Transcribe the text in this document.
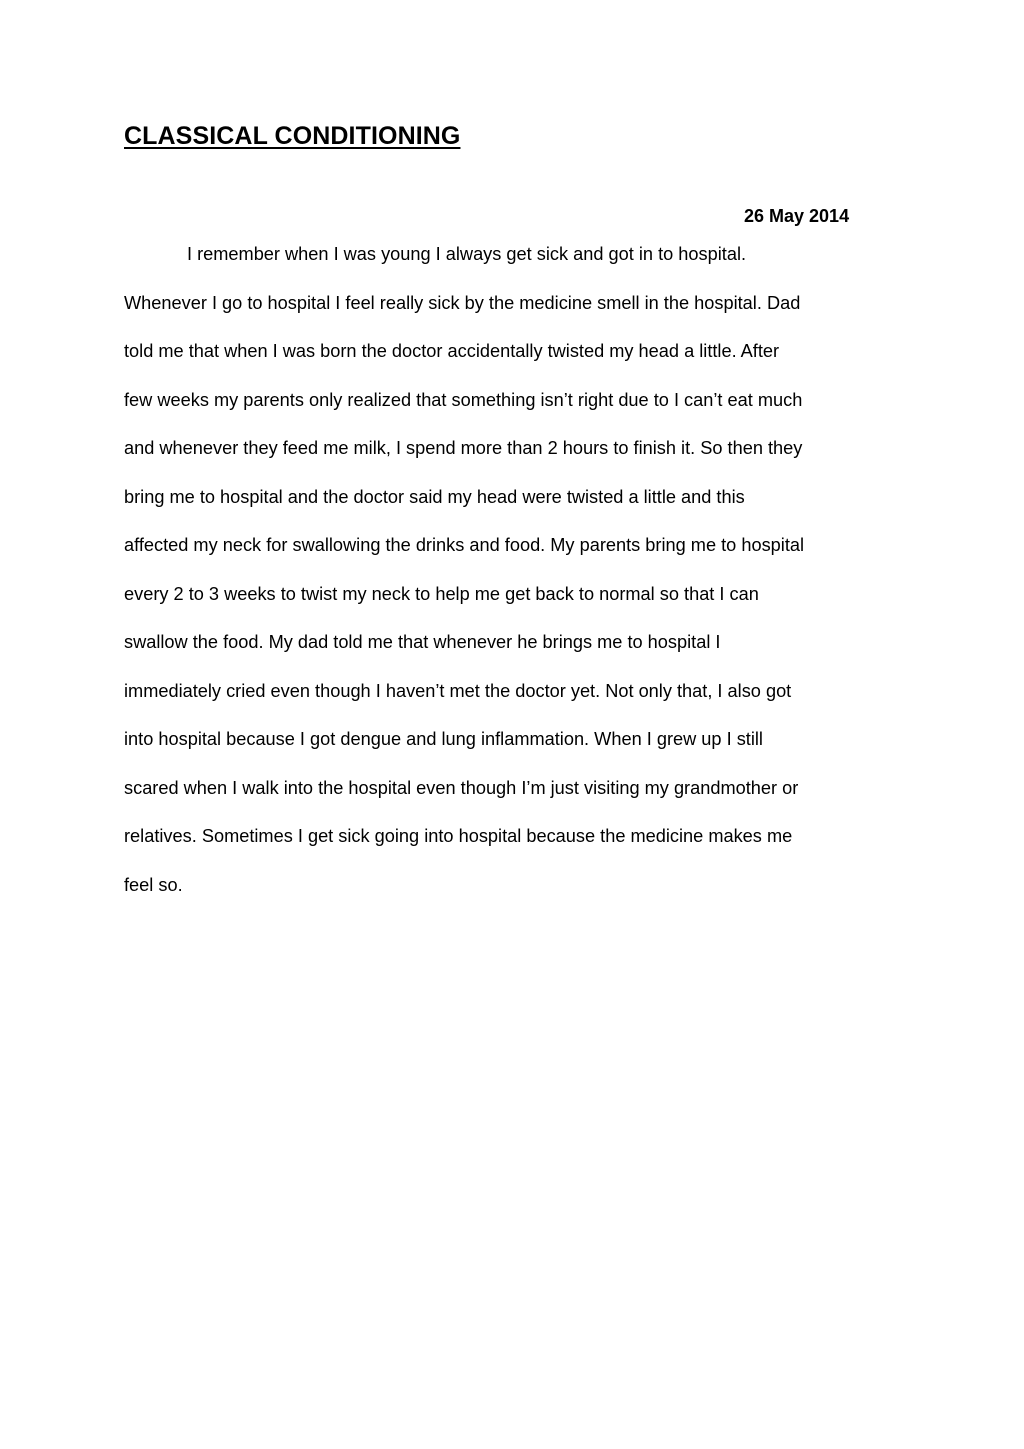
CLASSICAL CONDITIONING

26 May 2014

I remember when I was young I always get sick and got in to hospital.
Whenever I go to hospital I feel really sick by the medicine smell in the hospital. Dad
told me that when I was born the doctor accidentally twisted my head a little. After
few weeks my parents only realized that something isn’t right due to I can’t eat much
and whenever they feed me milk, I spend more than 2 hours to finish it. So then they
bring me to hospital and the doctor said my head were twisted a little and this
affected my neck for swallowing the drinks and food. My parents bring me to hospital
every 2 to 3 weeks to twist my neck to help me get back to normal so that I can
swallow the food. My dad told me that whenever he brings me to hospital I
immediately cried even though I haven’t met the doctor yet. Not only that, I also got
into hospital because I got dengue and lung inflammation. When I grew up I still
scared when I walk into the hospital even though I’m just visiting my grandmother or
relatives. Sometimes I get sick going into hospital because the medicine makes me
feel so.
